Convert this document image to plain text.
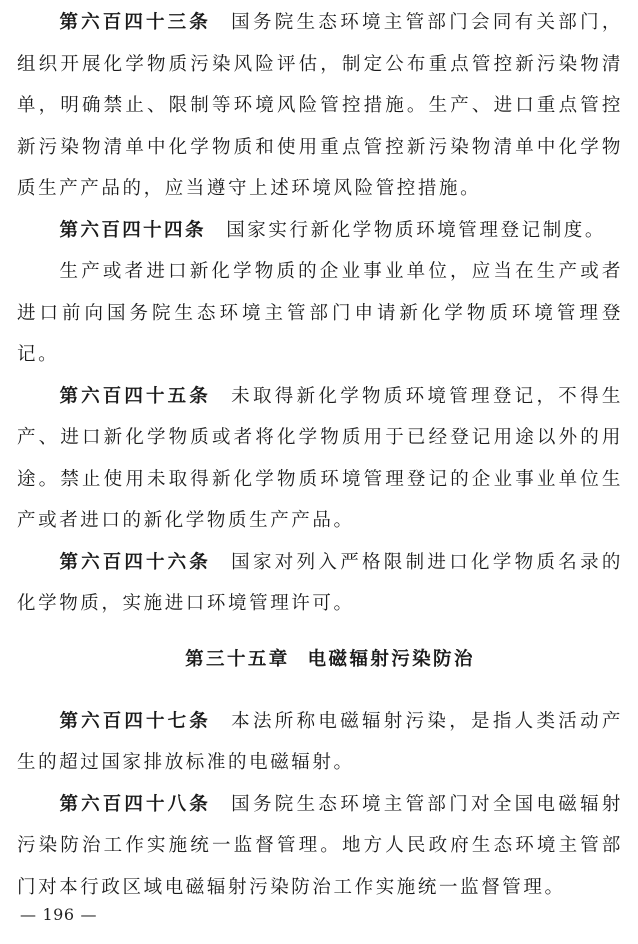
第六百四十三条 国务院生态环境主管部门会同有关部门，组织开展化学物质污染风险评估，制定公布重点管控新污染物清单，明确禁止、限制等环境风险管控措施。生产、进口重点管控新污染物清单中化学物质和使用重点管控新污染物清单中化学物质生产产品的，应当遵守上述环境风险管控措施。

第六百四十四条 国家实行新化学物质环境管理登记制度。

生产或者进口新化学物质的企业事业单位，应当在生产或者进口前向国务院生态环境主管部门申请新化学物质环境管理登记。

第六百四十五条 未取得新化学物质环境管理登记，不得生产、进口新化学物质或者将化学物质用于已经登记用途以外的用途。禁止使用未取得新化学物质环境管理登记的企业事业单位生产或者进口的新化学物质生产产品。

第六百四十六条 国家对列入严格限制进口化学物质名录的化学物质，实施进口环境管理许可。

第三十五章 电磁辐射污染防治

第六百四十七条 本法所称电磁辐射污染，是指人类活动产生的超过国家排放标准的电磁辐射。

第六百四十八条 国务院生态环境主管部门对全国电磁辐射污染防治工作实施统一监督管理。地方人民政府生态环境主管部门对本行政区域电磁辐射污染防治工作实施统一监督管理。

— 196 —
